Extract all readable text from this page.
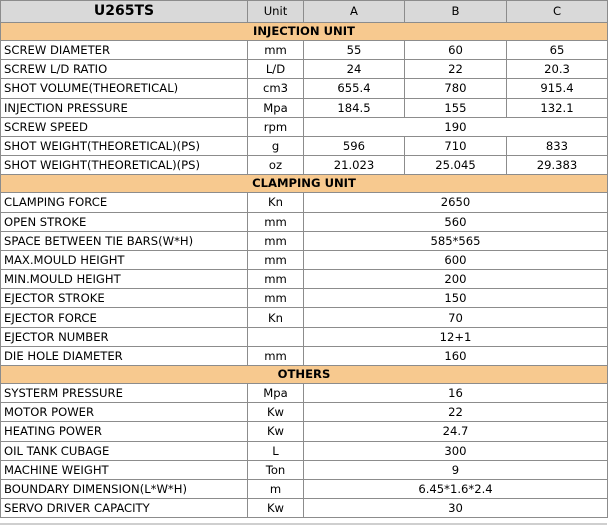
U265TS	Unit	A	B	C
INJECTION UNIT				
SCREW DIAMETER	mm	55	60	65
SCREW L/D RATIO	L/D	24	22	20.3
SHOT VOLUME(THEORETICAL)	cm3	655.4	780	915.4
INJECTION PRESSURE	Mpa	184.5	155	132.1
SCREW SPEED	rpm	190		
SHOT WEIGHT(THEORETICAL)(PS)	g	596	710	833
SHOT WEIGHT(THEORETICAL)(PS)	oz	21.023	25.045	29.383
CLAMPING UNIT				
CLAMPING FORCE	Kn	2650		
OPEN STROKE	mm	560		
SPACE BETWEEN TIE BARS(W*H)	mm	585*565		
MAX.MOULD HEIGHT	mm	600		
MIN.MOULD HEIGHT	mm	200		
EJECTOR STROKE	mm	150		
EJECTOR FORCE	Kn	70		
EJECTOR NUMBER		12+1		
DIE HOLE DIAMETER	mm	160		
OTHERS				
SYSTERM PRESSURE	Mpa	16		
MOTOR POWER	Kw	22		
HEATING POWER	Kw	24.7		
OIL TANK CUBAGE	L	300		
MACHINE WEIGHT	Ton	9		
BOUNDARY DIMENSION(L*W*H)	m	6.45*1.6*2.4		
SERVO DRIVER CAPACITY	Kw	30		
